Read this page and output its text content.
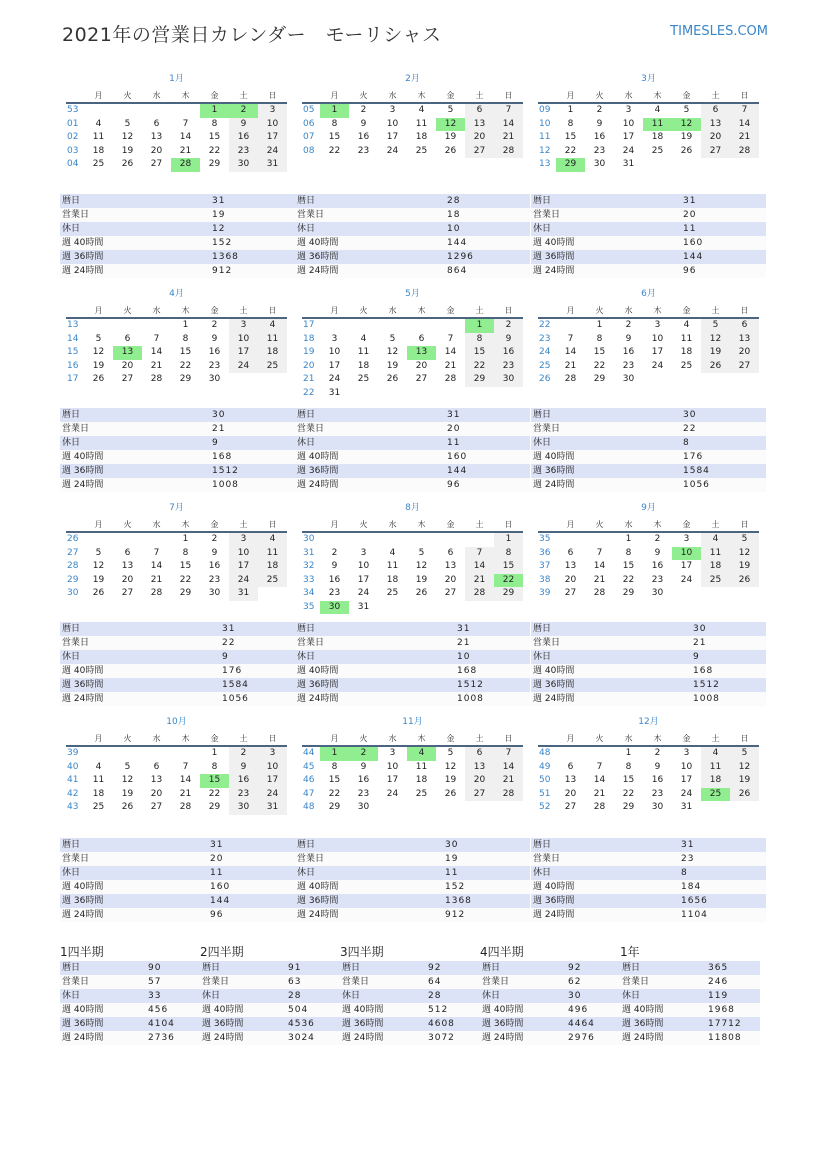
2021年の営業日カレンダー　モーリシャス	TIMESLES.COM
1月
	月	火	水	木	金	土	日
53					1	2	3
01	4	5	6	7	8	9	10
02	11	12	13	14	15	16	17
03	18	19	20	21	22	23	24
04	25	26	27	28	29	30	31
暦日	31
営業日	19
休日	12
週 40時間	152
週 36時間	1368
週 24時間	912
2月
	月	火	水	木	金	土	日
05	1	2	3	4	5	6	7
06	8	9	10	11	12	13	14
07	15	16	17	18	19	20	21
08	22	23	24	25	26	27	28
暦日	28
営業日	18
休日	10
週 40時間	144
週 36時間	1296
週 24時間	864
3月
	月	火	水	木	金	土	日
09	1	2	3	4	5	6	7
10	8	9	10	11	12	13	14
11	15	16	17	18	19	20	21
12	22	23	24	25	26	27	28
13	29	30	31				
暦日	31
営業日	20
休日	11
週 40時間	160
週 36時間	144
週 24時間	96
4月
	月	火	水	木	金	土	日
13				1	2	3	4
14	5	6	7	8	9	10	11
15	12	13	14	15	16	17	18
16	19	20	21	22	23	24	25
17	26	27	28	29	30		
暦日	30
営業日	21
休日	9
週 40時間	168
週 36時間	1512
週 24時間	1008
5月
	月	火	水	木	金	土	日
17						1	2
18	3	4	5	6	7	8	9
19	10	11	12	13	14	15	16
20	17	18	19	20	21	22	23
21	24	25	26	27	28	29	30
22	31						
暦日	31
営業日	20
休日	11
週 40時間	160
週 36時間	144
週 24時間	96
6月
	月	火	水	木	金	土	日
22		1	2	3	4	5	6
23	7	8	9	10	11	12	13
24	14	15	16	17	18	19	20
25	21	22	23	24	25	26	27
26	28	29	30				
暦日	30
営業日	22
休日	8
週 40時間	176
週 36時間	1584
週 24時間	1056
7月
	月	火	水	木	金	土	日
26				1	2	3	4
27	5	6	7	8	9	10	11
28	12	13	14	15	16	17	18
29	19	20	21	22	23	24	25
30	26	27	28	29	30	31	
暦日	31
営業日	22
休日	9
週 40時間	176
週 36時間	1584
週 24時間	1056
8月
	月	火	水	木	金	土	日
30							1
31	2	3	4	5	6	7	8
32	9	10	11	12	13	14	15
33	16	17	18	19	20	21	22
34	23	24	25	26	27	28	29
35	30	31					
暦日	31
営業日	21
休日	10
週 40時間	168
週 36時間	1512
週 24時間	1008
9月
	月	火	水	木	金	土	日
35			1	2	3	4	5
36	6	7	8	9	10	11	12
37	13	14	15	16	17	18	19
38	20	21	22	23	24	25	26
39	27	28	29	30			
暦日	30
営業日	21
休日	9
週 40時間	168
週 36時間	1512
週 24時間	1008
10月
	月	火	水	木	金	土	日
39					1	2	3
40	4	5	6	7	8	9	10
41	11	12	13	14	15	16	17
42	18	19	20	21	22	23	24
43	25	26	27	28	29	30	31
暦日	31
営業日	20
休日	11
週 40時間	160
週 36時間	144
週 24時間	96
11月
	月	火	水	木	金	土	日
44	1	2	3	4	5	6	7
45	8	9	10	11	12	13	14
46	15	16	17	18	19	20	21
47	22	23	24	25	26	27	28
48	29	30					
暦日	30
営業日	19
休日	11
週 40時間	152
週 36時間	1368
週 24時間	912
12月
	月	火	水	木	金	土	日
48			1	2	3	4	5
49	6	7	8	9	10	11	12
50	13	14	15	16	17	18	19
51	20	21	22	23	24	25	26
52	27	28	29	30	31		
暦日	31
営業日	23
休日	8
週 40時間	184
週 36時間	1656
週 24時間	1104
1四半期
暦日	90
営業日	57
休日	33
週 40時間	456
週 36時間	4104
週 24時間	2736
2四半期
暦日	91
営業日	63
休日	28
週 40時間	504
週 36時間	4536
週 24時間	3024
3四半期
暦日	92
営業日	64
休日	28
週 40時間	512
週 36時間	4608
週 24時間	3072
4四半期
暦日	92
営業日	62
休日	30
週 40時間	496
週 36時間	4464
週 24時間	2976
1年
暦日	365
営業日	246
休日	119
週 40時間	1968
週 36時間	17712
週 24時間	11808
